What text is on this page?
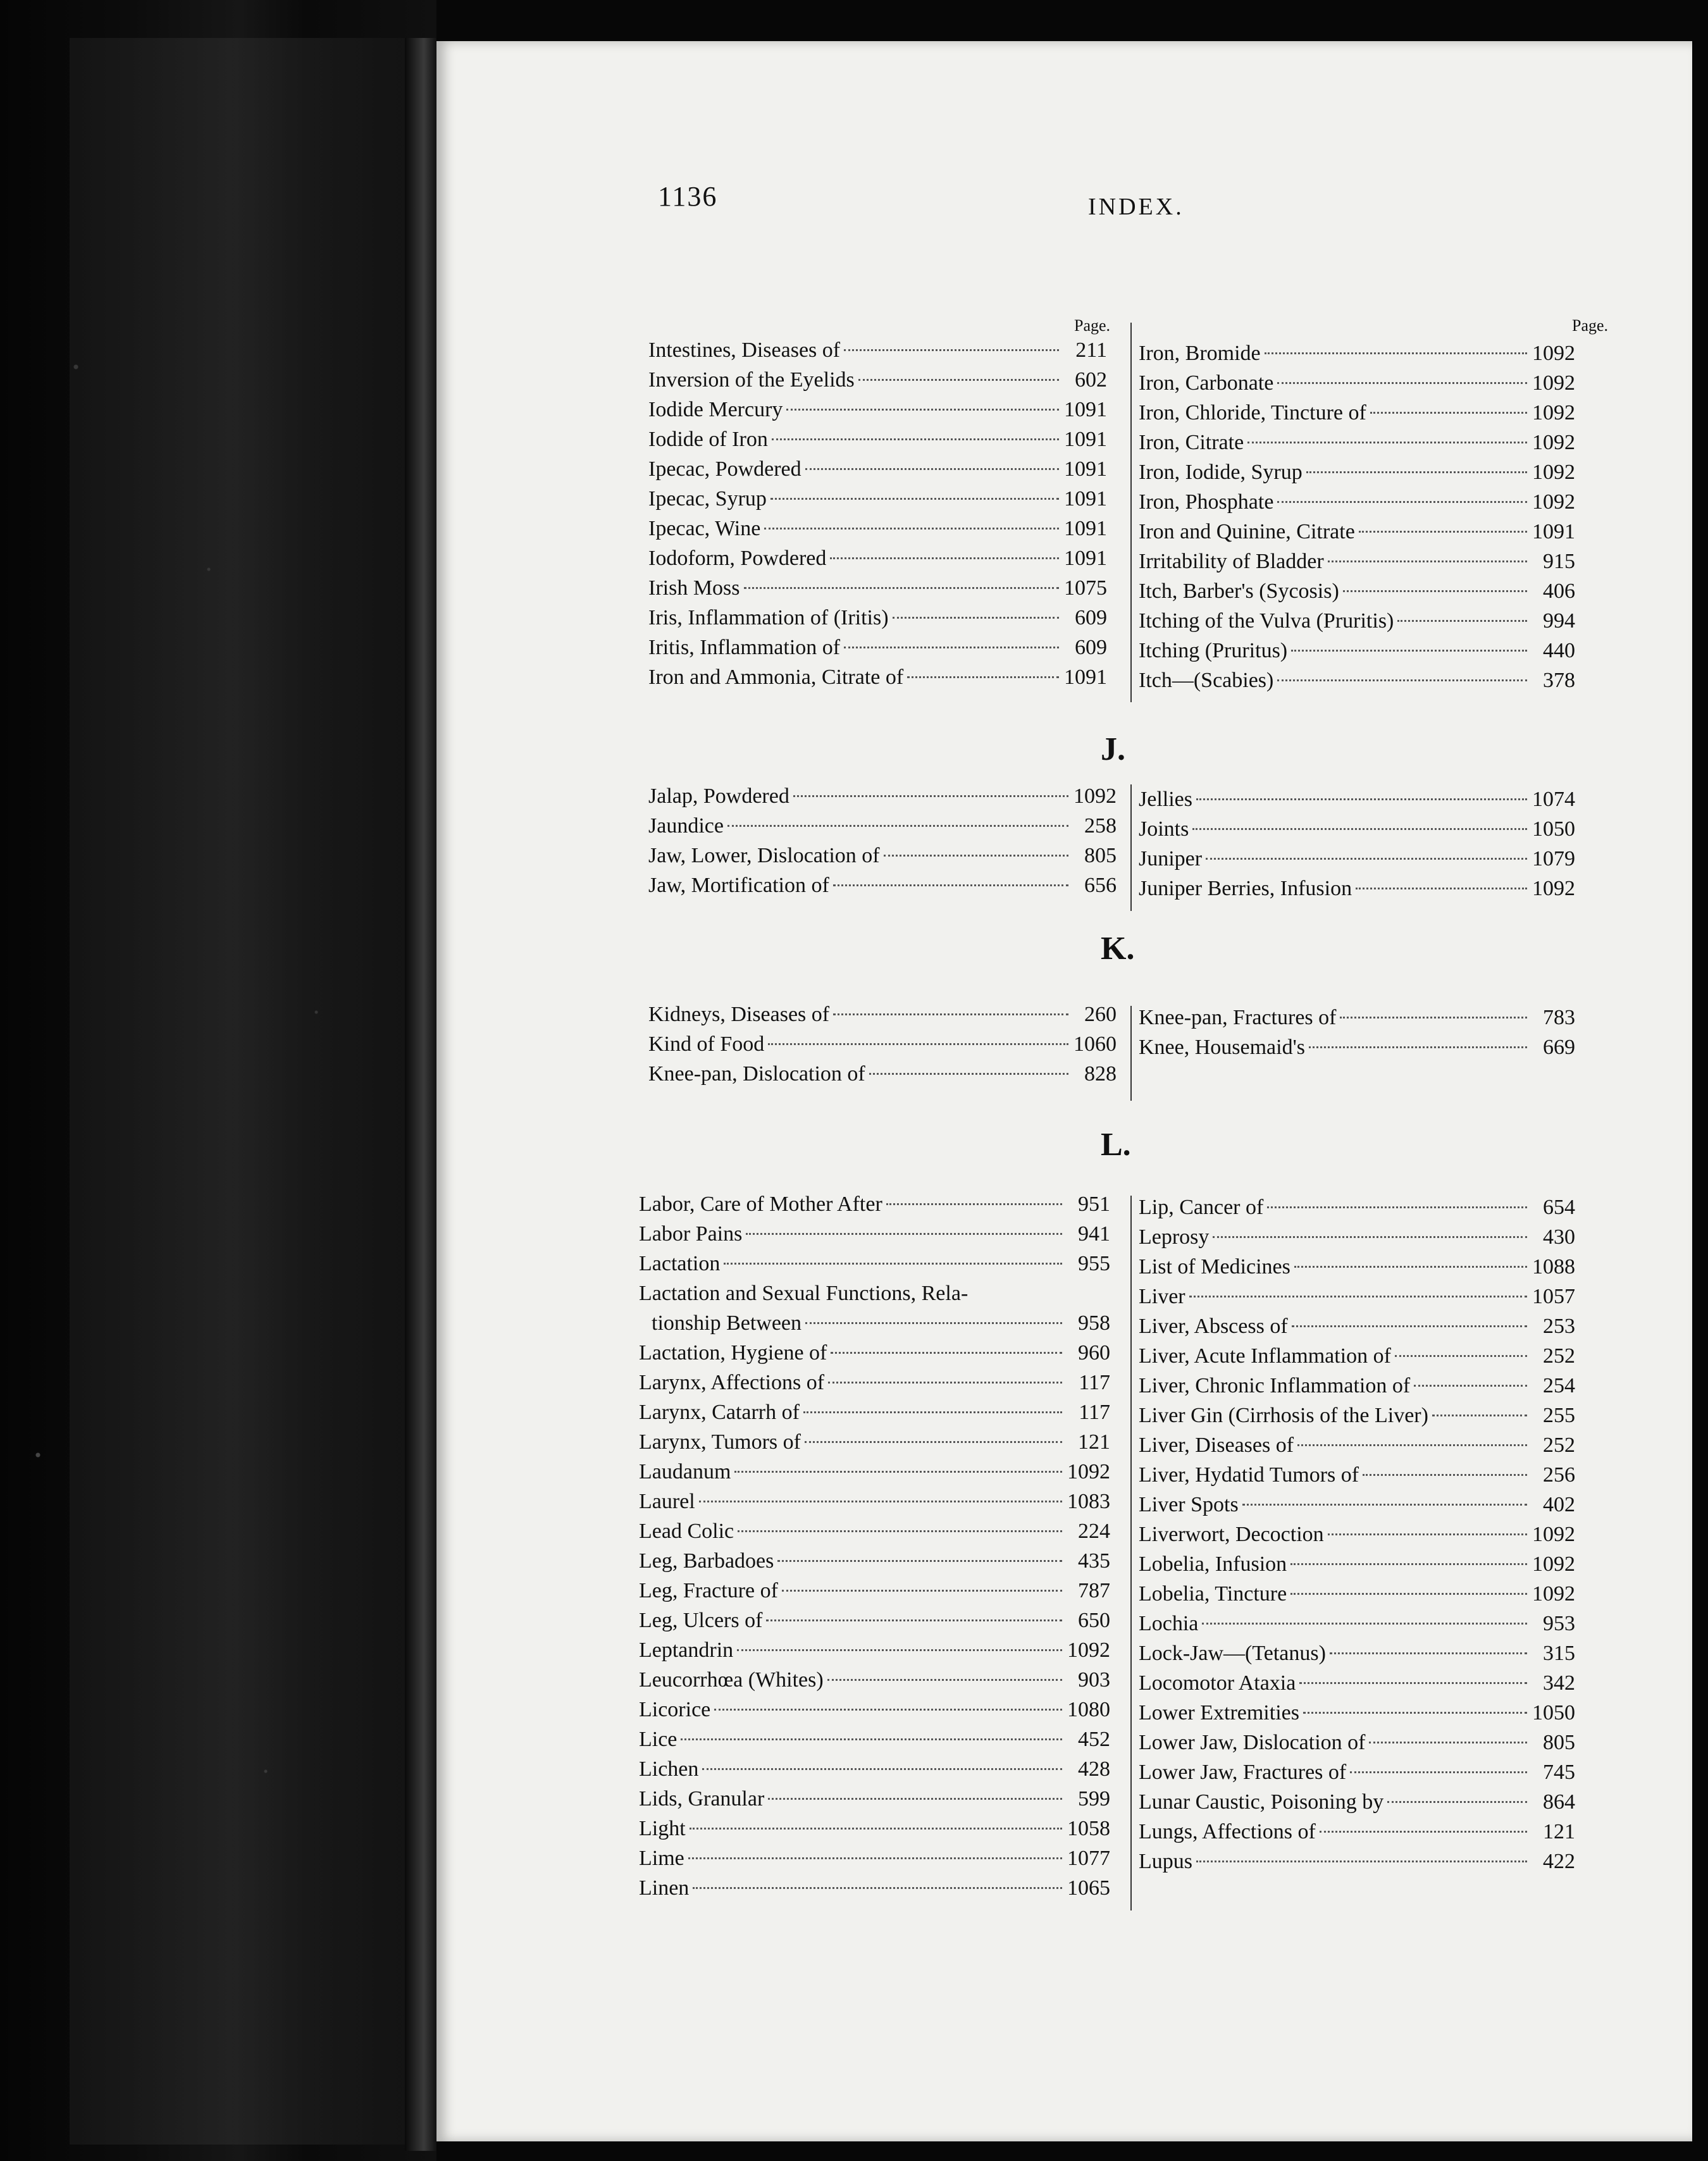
1136	INDEX.
Page.	Page.
Intestines, Diseases of	211
Inversion of the Eyelids	602
Iodide Mercury	1091
Iodide of Iron	1091
Ipecac, Powdered	1091
Ipecac, Syrup	1091
Ipecac, Wine	1091
Iodoform, Powdered	1091
Irish Moss	1075
Iris, Inflammation of (Iritis)	609
Iritis, Inflammation of	609
Iron and Ammonia, Citrate of	1091
Iron, Bromide	1092
Iron, Carbonate	1092
Iron, Chloride, Tincture of	1092
Iron, Citrate	1092
Iron, Iodide, Syrup	1092
Iron, Phosphate	1092
Iron and Quinine, Citrate	1091
Irritability of Bladder	915
Itch, Barber's (Sycosis)	406
Itching of the Vulva (Pruritis)	994
Itching (Pruritus)	440
Itch—(Scabies)	378
J.
Jalap, Powdered	1092
Jaundice	258
Jaw, Lower, Dislocation of	805
Jaw, Mortification of	656
Jellies	1074
Joints	1050
Juniper	1079
Juniper Berries, Infusion	1092
K.
Kidneys, Diseases of	260
Kind of Food	1060
Knee-pan, Dislocation of	828
Knee-pan, Fractures of	783
Knee, Housemaid's	669
L.
Labor, Care of Mother After	951
Labor Pains	941
Lactation	955
Lactation and Sexual Functions, Rela-
tionship Between	958
Lactation, Hygiene of	960
Larynx, Affections of	117
Larynx, Catarrh of	117
Larynx, Tumors of	121
Laudanum	1092
Laurel	1083
Lead Colic	224
Leg, Barbadoes	435
Leg, Fracture of	787
Leg, Ulcers of	650
Leptandrin	1092
Leucorrhœa (Whites)	903
Licorice	1080
Lice	452
Lichen	428
Lids, Granular	599
Light	1058
Lime	1077
Linen	1065
Lip, Cancer of	654
Leprosy	430
List of Medicines	1088
Liver	1057
Liver, Abscess of	253
Liver, Acute Inflammation of	252
Liver, Chronic Inflammation of	254
Liver Gin (Cirrhosis of the Liver)	255
Liver, Diseases of	252
Liver, Hydatid Tumors of	256
Liver Spots	402
Liverwort, Decoction	1092
Lobelia, Infusion	1092
Lobelia, Tincture	1092
Lochia	953
Lock-Jaw—(Tetanus)	315
Locomotor Ataxia	342
Lower Extremities	1050
Lower Jaw, Dislocation of	805
Lower Jaw, Fractures of	745
Lunar Caustic, Poisoning by	864
Lungs, Affections of	121
Lupus	422
